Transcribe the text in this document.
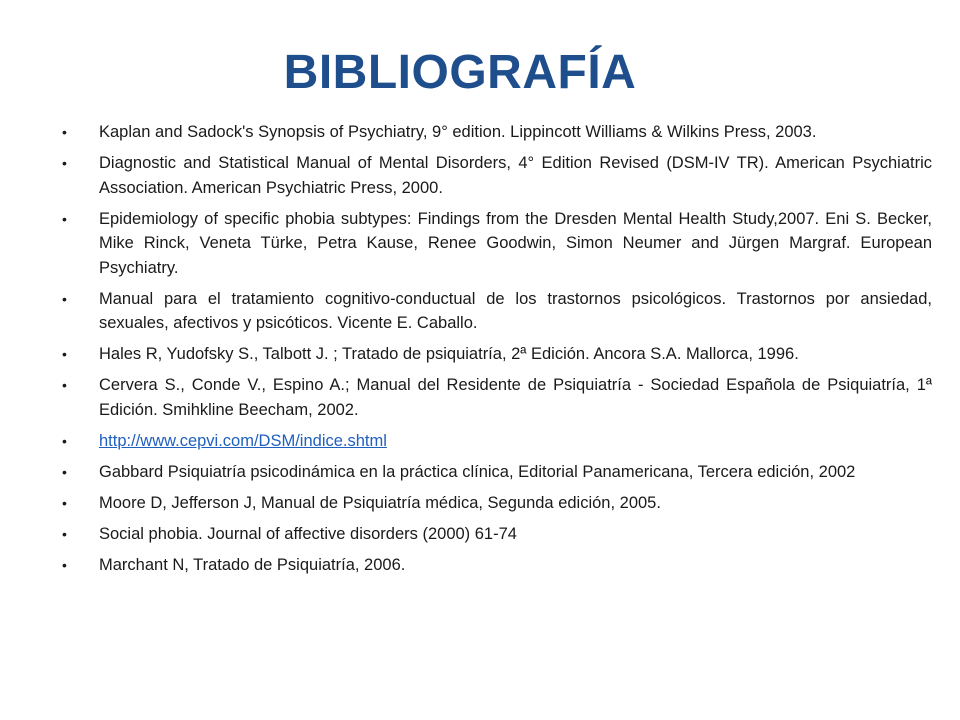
BIBLIOGRAFÍA
•	Kaplan and Sadock's Synopsis of Psychiatry, 9° edition. Lippincott Williams & Wilkins Press, 2003.
•	Diagnostic and Statistical Manual of Mental Disorders, 4° Edition Revised (DSM-IV TR). American Psychiatric Association. American Psychiatric Press, 2000.
•	Epidemiology of specific phobia subtypes: Findings from the Dresden Mental Health Study,2007. Eni S. Becker, Mike Rinck, Veneta Türke, Petra Kause, Renee Goodwin, Simon Neumer and Jürgen Margraf. European Psychiatry.
•	Manual para el tratamiento cognitivo-conductual de los trastornos psicológicos. Trastornos por ansiedad, sexuales, afectivos y psicóticos. Vicente E. Caballo.
•	Hales R, Yudofsky S., Talbott J. ; Tratado de psiquiatría, 2ª Edición. Ancora S.A. Mallorca, 1996.
•	Cervera S., Conde V., Espino A.; Manual del Residente de Psiquiatría - Sociedad Española de Psiquiatría, 1ª Edición. Smihkline Beecham, 2002.
•	http://www.cepvi.com/DSM/indice.shtml
•	Gabbard Psiquiatría psicodinámica en la práctica clínica, Editorial Panamericana, Tercera edición, 2002
•	Moore D, Jefferson J, Manual de Psiquiatría médica, Segunda edición, 2005.
•	Social phobia. Journal of affective disorders (2000) 61-74
•	Marchant N, Tratado de Psiquiatría, 2006.
